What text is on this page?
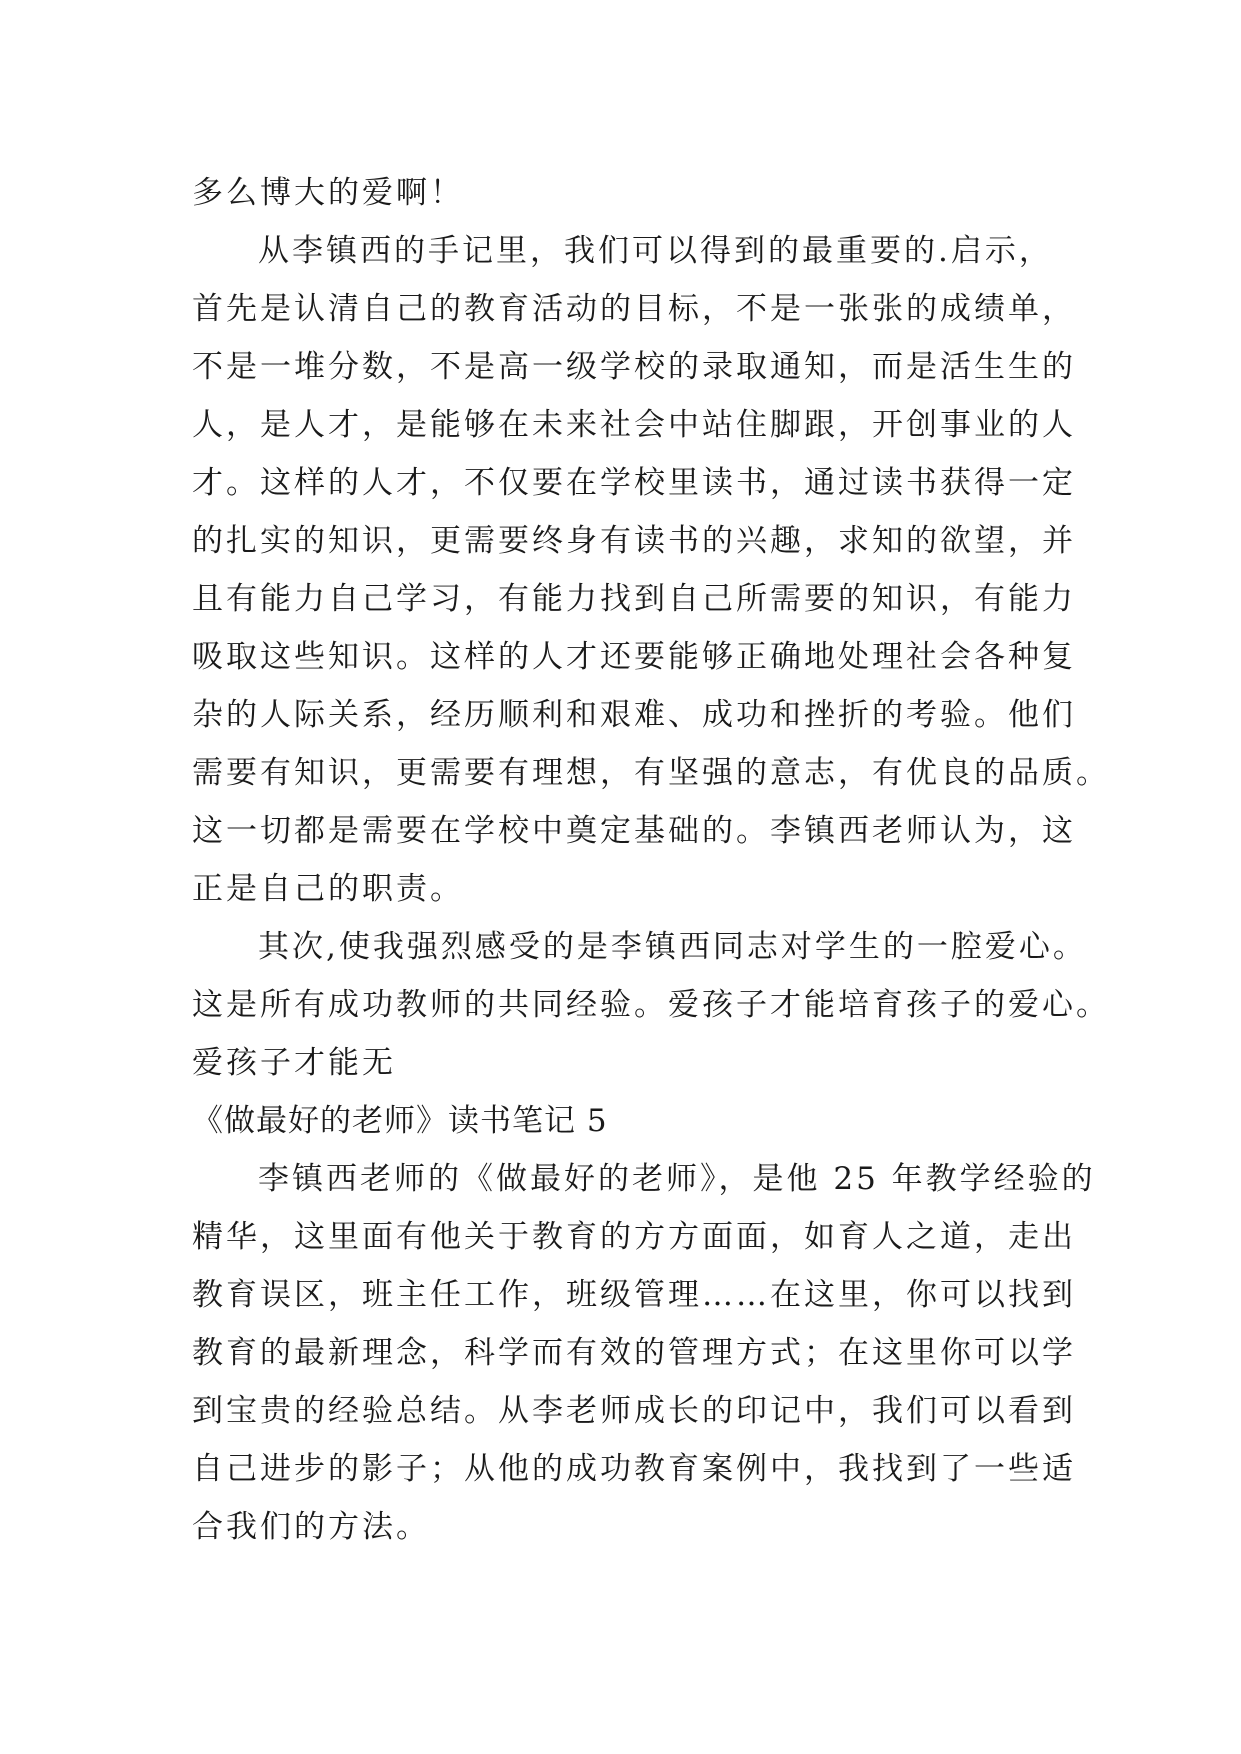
多么博大的爱啊！
从李镇西的手记里，我们可以得到的最重要的.启示，
首先是认清自己的教育活动的目标，不是一张张的成绩单，
不是一堆分数，不是高一级学校的录取通知，而是活生生的
人，是人才，是能够在未来社会中站住脚跟，开创事业的人
才。这样的人才，不仅要在学校里读书，通过读书获得一定
的扎实的知识，更需要终身有读书的兴趣，求知的欲望，并
且有能力自己学习，有能力找到自己所需要的知识，有能力
吸取这些知识。这样的人才还要能够正确地处理社会各种复
杂的人际关系，经历顺利和艰难、成功和挫折的考验。他们
需要有知识，更需要有理想，有坚强的意志，有优良的品质。
这一切都是需要在学校中奠定基础的。李镇西老师认为，这
正是自己的职责。
其次,使我强烈感受的是李镇西同志对学生的一腔爱心。
这是所有成功教师的共同经验。爱孩子才能培育孩子的爱心。
爱孩子才能无
《做最好的老师》读书笔记 5
李镇西老师的《做最好的老师》，是他 25 年教学经验的
精华，这里面有他关于教育的方方面面，如育人之道，走出
教育误区，班主任工作，班级管理……在这里，你可以找到
教育的最新理念，科学而有效的管理方式；在这里你可以学
到宝贵的经验总结。从李老师成长的印记中，我们可以看到
自己进步的影子；从他的成功教育案例中，我找到了一些适
合我们的方法。
